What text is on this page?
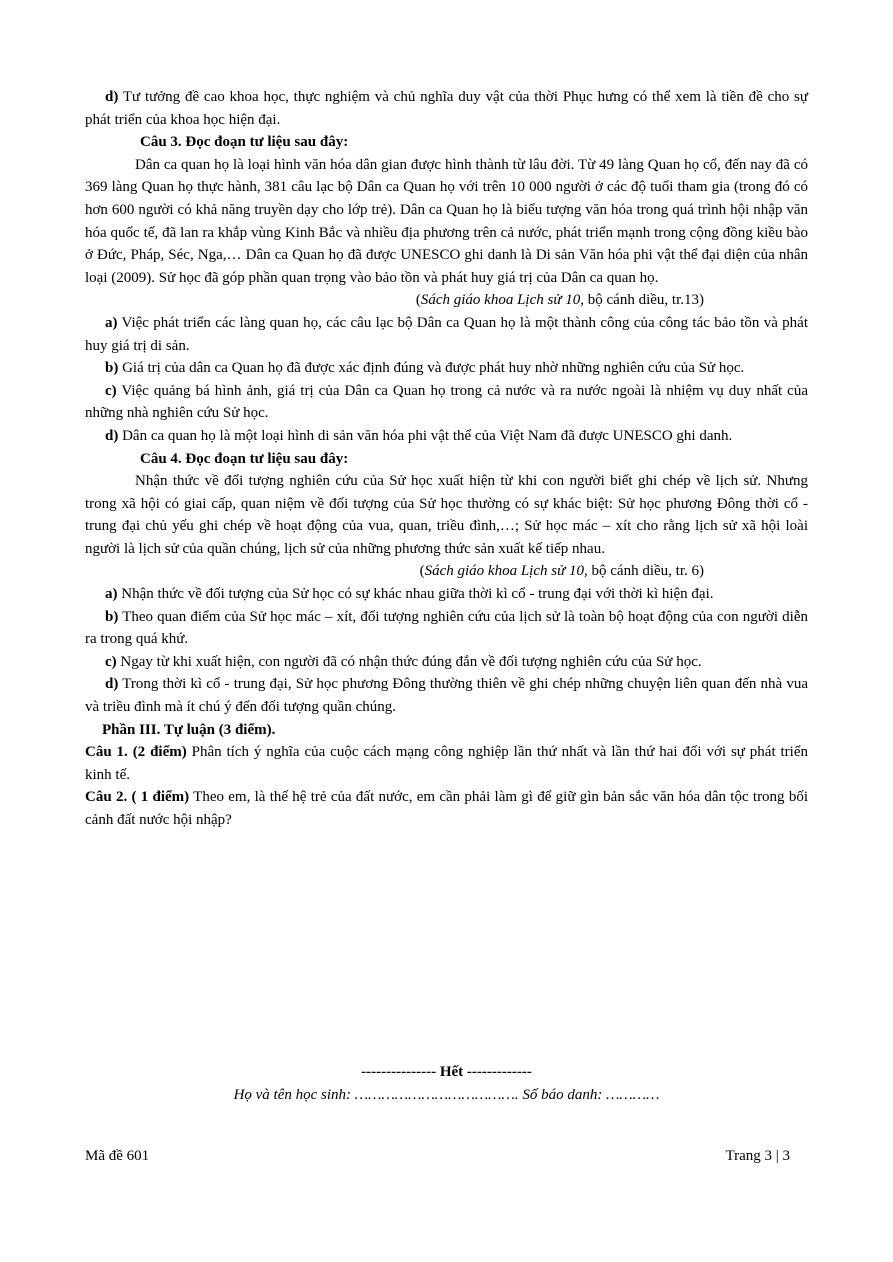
d) Tư tưởng đề cao khoa học, thực nghiệm và chủ nghĩa duy vật của thời Phục hưng có thể xem là tiền đề cho sự phát triển của khoa học hiện đại.

Câu 3. Đọc đoạn tư liệu sau đây:

Dân ca quan họ là loại hình văn hóa dân gian được hình thành từ lâu đời. Từ 49 làng Quan họ cổ, đến nay đã có 369 làng Quan họ thực hành, 381 câu lạc bộ Dân ca Quan họ với trên 10 000 người ở các độ tuổi tham gia (trong đó có hơn 600 người có khả năng truyền dạy cho lớp trẻ). Dân ca Quan họ là biểu tượng văn hóa trong quá trình hội nhập văn hóa quốc tế, đã lan ra khắp vùng Kinh Bắc và nhiều địa phương trên cả nước, phát triển mạnh trong cộng đồng kiều bào ở Đức, Pháp, Séc, Nga,… Dân ca Quan họ đã được UNESCO ghi danh là Di sản Văn hóa phi vật thể đại diện của nhân loại (2009). Sử học đã góp phần quan trọng vào bảo tồn và phát huy giá trị của Dân ca quan họ.

(Sách giáo khoa Lịch sử 10, bộ cánh diều, tr.13)

a) Việc phát triển các làng quan họ, các câu lạc bộ Dân ca Quan họ là một thành công của công tác bảo tồn và phát huy giá trị di sản.

b) Giá trị của dân ca Quan họ đã được xác định đúng và được phát huy nhờ những nghiên cứu của Sử học.

c) Việc quảng bá hình ảnh, giá trị của Dân ca Quan họ trong cả nước và ra nước ngoài là nhiệm vụ duy nhất của những nhà nghiên cứu Sử học.

d) Dân ca quan họ là một loại hình di sản văn hóa phi vật thể của Việt Nam đã được UNESCO ghi danh.

Câu 4. Đọc đoạn tư liệu sau đây:

Nhận thức về đối tượng nghiên cứu của Sử học xuất hiện từ khi con người biết ghi chép về lịch sử. Nhưng trong xã hội có giai cấp, quan niệm về đối tượng của Sử học thường có sự khác biệt: Sử học phương Đông thời cổ - trung đại chủ yếu ghi chép về hoạt động của vua, quan, triều đình,…; Sử học mác – xít cho rằng lịch sử xã hội loài người là lịch sử của quần chúng, lịch sử của những phương thức sản xuất kế tiếp nhau.

(Sách giáo khoa Lịch sử 10, bộ cánh diều, tr. 6)

a) Nhận thức về đối tượng của Sử học có sự khác nhau giữa thời kì cổ - trung đại với thời kì hiện đại.

b) Theo quan điểm của Sử học mác – xít, đối tượng nghiên cứu của lịch sử là toàn bộ hoạt động của con người diễn ra trong quá khứ.

c) Ngay từ khi xuất hiện, con người đã có nhận thức đúng đắn về đối tượng nghiên cứu của Sử học.

d) Trong thời kì cổ - trung đại, Sử học phương Đông thường thiên về ghi chép những chuyện liên quan đến nhà vua và triều đình mà ít chú ý đến đối tượng quần chúng.

Phần III. Tự luận (3 điểm).

Câu 1. (2 điểm) Phân tích ý nghĩa của cuộc cách mạng công nghiệp lần thứ nhất và lần thứ hai đối với sự phát triển kinh tế.

Câu 2. ( 1 điểm) Theo em, là thế hệ trẻ của đất nước, em cần phải làm gì để giữ gìn bản sắc văn hóa dân tộc trong bối cảnh đất nước hội nhập?

--------------- Hết -------------
Họ và tên học sinh: ………………………………. Số báo danh: …………
Mã đề 601	Trang 3 | 3
